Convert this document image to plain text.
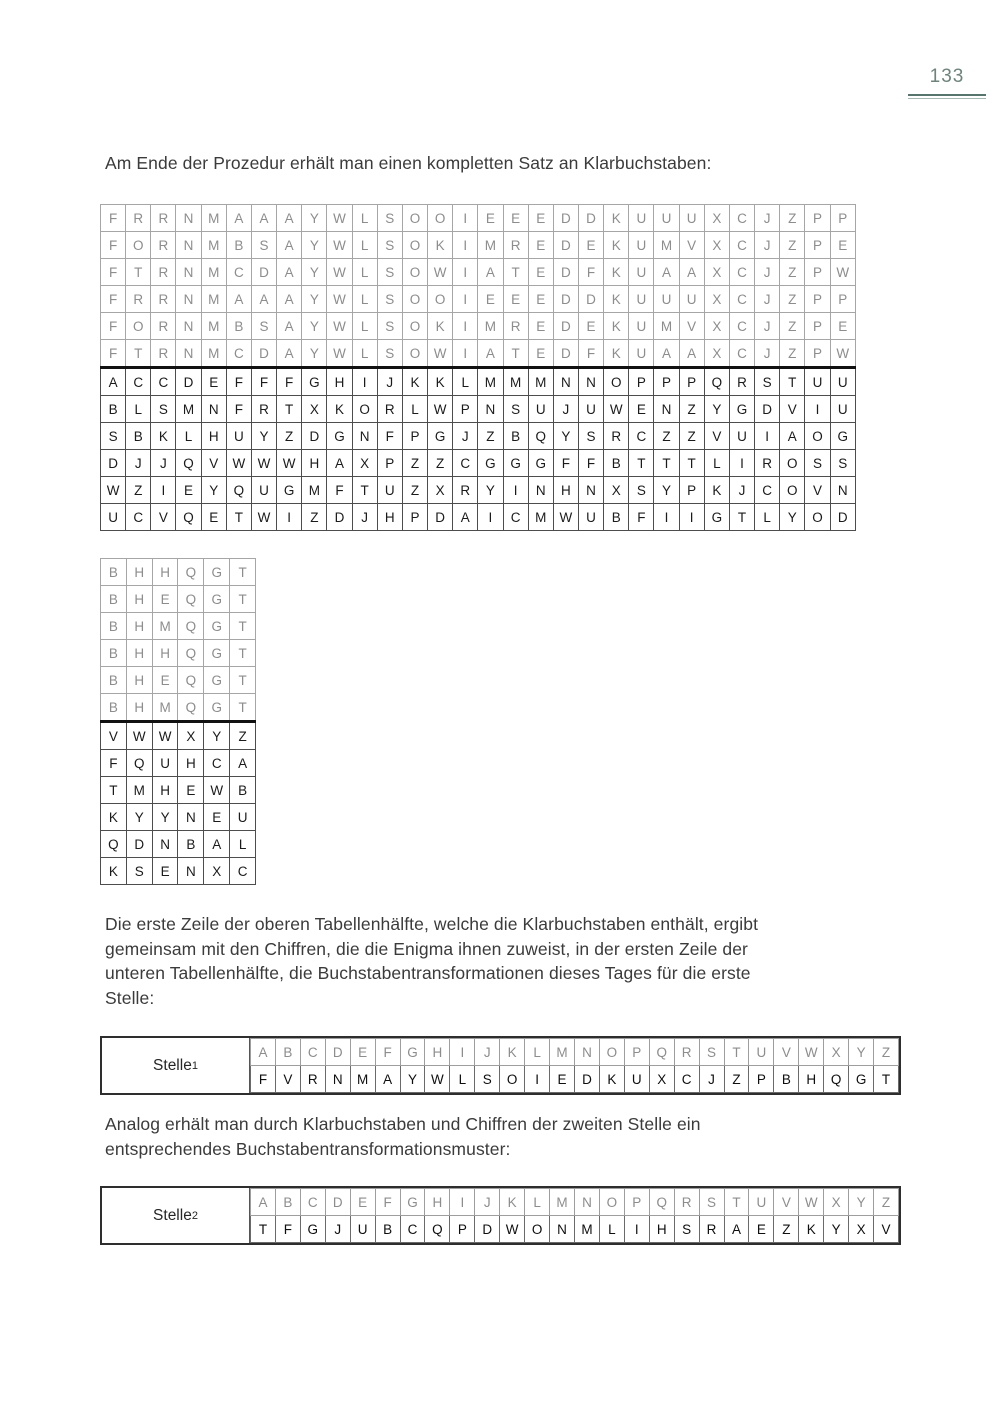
133
Am Ende der Prozedur erhält man einen kompletten Satz an Klarbuchstaben:
F	R	R	N	M	A	A	A	Y	W	L	S	O	O	I	E	E	E	D	D	K	U	U	U	X	C	J	Z	P	P
F	O	R	N	M	B	S	A	Y	W	L	S	O	K	I	M	R	E	D	E	K	U	M	V	X	C	J	Z	P	E
F	T	R	N	M	C	D	A	Y	W	L	S	O	W	I	A	T	E	D	F	K	U	A	A	X	C	J	Z	P	W
F	R	R	N	M	A	A	A	Y	W	L	S	O	O	I	E	E	E	D	D	K	U	U	U	X	C	J	Z	P	P
F	O	R	N	M	B	S	A	Y	W	L	S	O	K	I	M	R	E	D	E	K	U	M	V	X	C	J	Z	P	E
F	T	R	N	M	C	D	A	Y	W	L	S	O	W	I	A	T	E	D	F	K	U	A	A	X	C	J	Z	P	W
A	C	C	D	E	F	F	F	G	H	I	J	K	K	L	M	M	M	N	N	O	P	P	P	Q	R	S	T	U	U
B	L	S	M	N	F	R	T	X	K	O	R	L	W	P	N	S	U	J	U	W	E	N	Z	Y	G	D	V	I	U
S	B	K	L	H	U	Y	Z	D	G	N	F	P	G	J	Z	B	Q	Y	S	R	C	Z	Z	V	U	I	A	O	G
D	J	J	Q	V	W	W	W	H	A	X	P	Z	Z	C	G	G	G	F	F	B	T	T	T	L	I	R	O	S	S
W	Z	I	E	Y	Q	U	G	M	F	T	U	Z	X	R	Y	I	N	H	N	X	S	Y	P	K	J	C	O	V	N
U	C	V	Q	E	T	W	I	Z	D	J	H	P	D	A	I	C	M	W	U	B	F	I	I	G	T	L	Y	O	D
B	H	H	Q	G	T
B	H	E	Q	G	T
B	H	M	Q	G	T
B	H	H	Q	G	T
B	H	E	Q	G	T
B	H	M	Q	G	T
V	W	W	X	Y	Z
F	Q	U	H	C	A
T	M	H	E	W	B
K	Y	Y	N	E	U
Q	D	N	B	A	L
K	S	E	N	X	C
Die erste Zeile der oberen Tabellenhälfte, welche die Klarbuchstaben enthält, ergibt
gemeinsam mit den Chiffren, die die Enigma ihnen zuweist, in der ersten Zeile der
unteren Tabellenhälfte, die Buchstabentransformationen dieses Tages für die erste
Stelle:
Stelle 1
A	B	C	D	E	F	G	H	I	J	K	L	M	N	O	P	Q	R	S	T	U	V	W	X	Y	Z
F	V	R	N	M	A	Y	W	L	S	O	I	E	D	K	U	X	C	J	Z	P	B	H	Q	G	T
Analog erhält man durch Klarbuchstaben und Chiffren der zweiten Stelle ein
entsprechendes Buchstabentransformationsmuster:
Stelle 2
A	B	C	D	E	F	G	H	I	J	K	L	M	N	O	P	Q	R	S	T	U	V	W	X	Y	Z
T	F	G	J	U	B	C	Q	P	D	W	O	N	M	L	I	H	S	R	A	E	Z	K	Y	X	V
